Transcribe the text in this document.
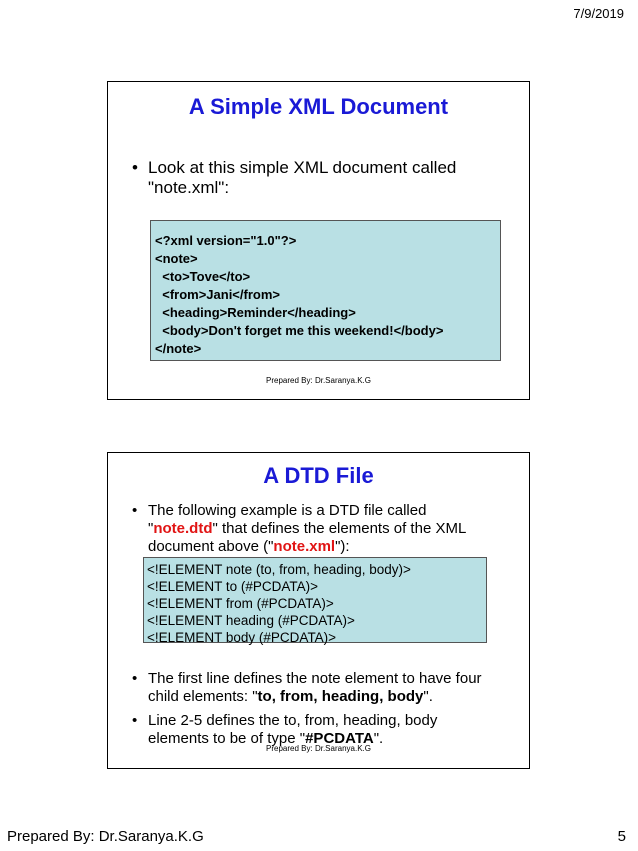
7/9/2019
A Simple XML Document
• Look at this simple XML document called "note.xml":
<?xml version="1.0"?>
<note>
<to>Tove</to>
<from>Jani</from>
<heading>Reminder</heading>
<body>Don't forget me this weekend!</body>
</note>
Prepared By: Dr.Saranya.K.G
A DTD File
• The following example is a DTD file called "note.dtd" that defines the elements of the XML document above ("note.xml"):
<!ELEMENT note (to, from, heading, body)>
<!ELEMENT to (#PCDATA)>
<!ELEMENT from (#PCDATA)>
<!ELEMENT heading (#PCDATA)>
<!ELEMENT body (#PCDATA)>
• The first line defines the note element to have four child elements: "to, from, heading, body".
• Line 2-5 defines the to, from, heading, body elements to be of type "#PCDATA".
Prepared By: Dr.Saranya.K.G
Prepared By: Dr.Saranya.K.G	5
